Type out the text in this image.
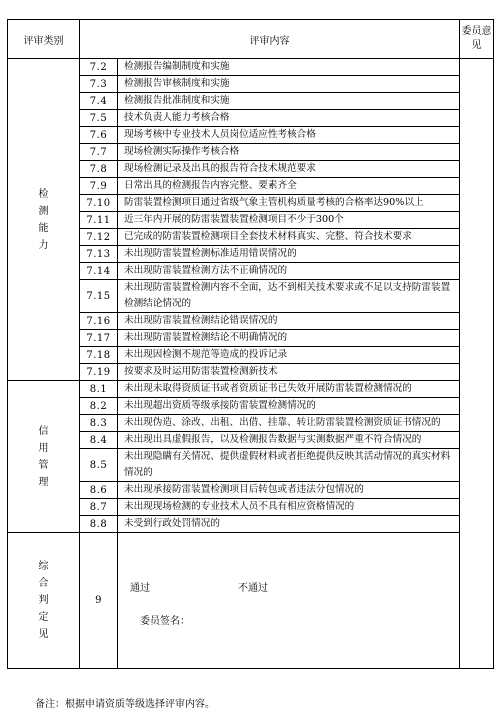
评审类别	评审内容		委员意见
检测能力	7.2	检测报告编制制度和实施	
	7.3	检测报告审核制度和实施	
	7.4	检测报告批准制度和实施	
	7.5	技术负责人能力考核合格	
	7.6	现场考核中专业技术人员岗位适应性考核合格	
	7.7	现场检测实际操作考核合格	
	7.8	现场检测记录及出具的报告符合技术规范要求	
	7.9	日常出具的检测报告内容完整、要素齐全	
	7.10	防雷装置检测项目通过省级气象主管机构质量考核的合格率达90%以上	
	7.11	近三年内开展的防雷装置装置检测项目不少于300个	
	7.12	已完成的防雷装置检测项目全套技术材料真实、完整、符合技术要求	
	7.13	未出现防雷装置检测标准适用错误情况的	
	7.14	未出现防雷装置检测方法不正确情况的	
	7.15	未出现防雷装置检测内容不全面，达不到相关技术要求或不足以支持防雷装置检测结论情况的	
	7.16	未出现防雷装置检测结论错误情况的	
	7.17	未出现防雷装置检测结论不明确情况的	
	7.18	未出现因检测不规范等造成的投诉记录	
	7.19	按要求及时运用防雷装置检测新技术	
信用管理	8.1	未出现未取得资质证书或者资质证书已失效开展防雷装置检测情况的	
	8.2	未出现超出资质等级承接防雷装置检测情况的	
	8.3	未出现伪造、涂改、出租、出借、挂靠、转让防雷装置检测资质证书情况的	
	8.4	未出现出具虚假报告，以及检测报告数据与实测数据严重不符合情况的	
	8.5	未出现隐瞒有关情况、提供虚假材料或者拒绝提供反映其活动情况的真实材料情况的	
	8.6	未出现承接防雷装置检测项目后转包或者违法分包情况的	
	8.7	未出现现场检测的专业技术人员不具有相应资格情况的	
	8.8	未受到行政处罚情况的	
综合判定见	9	通过 不通过
委员签名：	
备注：根据申请资质等级选择评审内容。
